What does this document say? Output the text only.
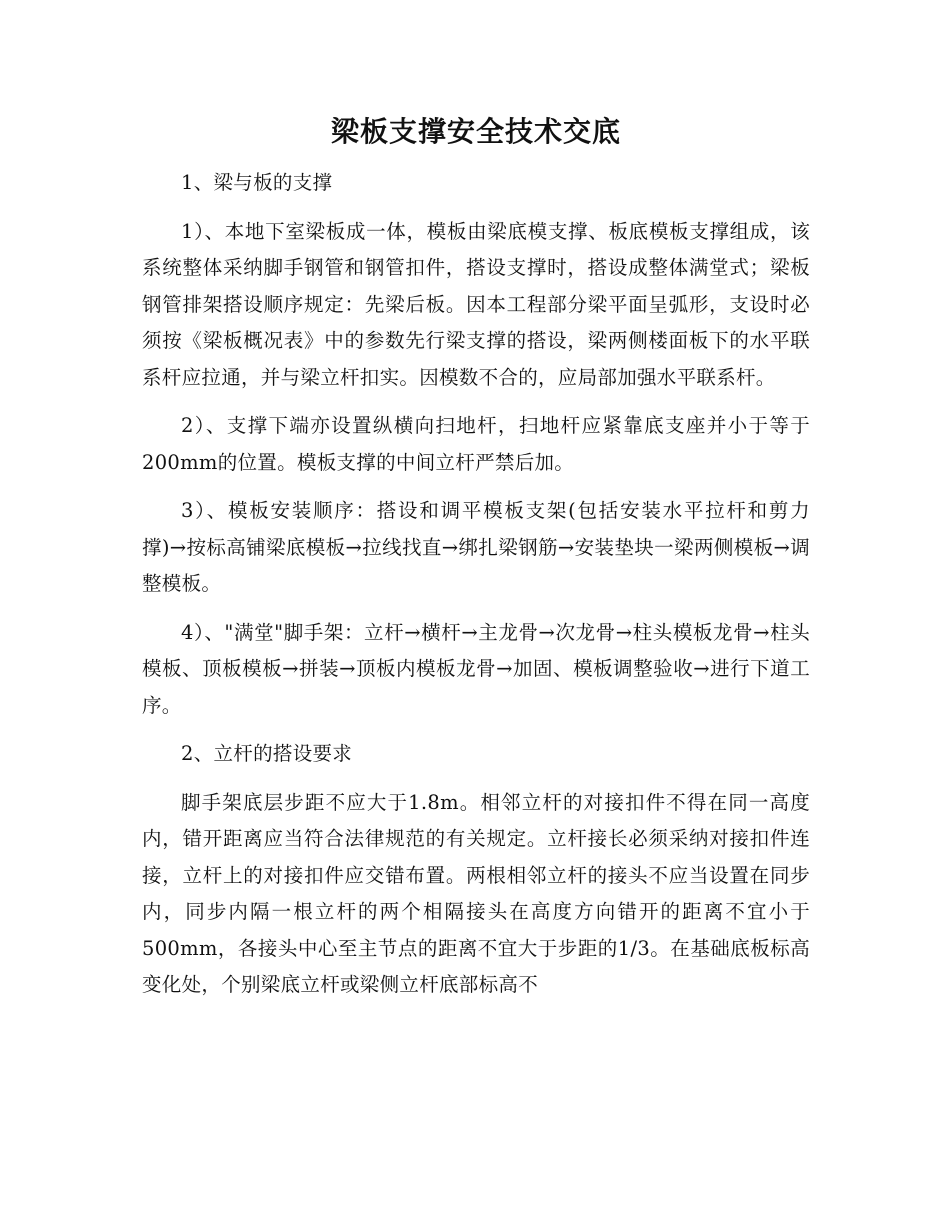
梁板支撑安全技术交底

1、梁与板的支撑

1）、本地下室梁板成一体，模板由梁底模支撑、板底模板支撑组成，该系统整体采纳脚手钢管和钢管扣件，搭设支撑时，搭设成整体满堂式；梁板钢管排架搭设顺序规定：先梁后板。因本工程部分梁平面呈弧形，支设时必须按《梁板概况表》中的参数先行梁支撑的搭设，梁两侧楼面板下的水平联系杆应拉通，并与梁立杆扣实。因模数不合的，应局部加强水平联系杆。

2）、支撑下端亦设置纵横向扫地杆，扫地杆应紧靠底支座并小于等于200mm的位置。模板支撑的中间立杆严禁后加。

3）、模板安装顺序：搭设和调平模板支架(包括安装水平拉杆和剪力撑)→按标高铺梁底模板→拉线找直→绑扎梁钢筋→安装垫块一梁两侧模板→调整模板。

4）、"满堂"脚手架：立杆→横杆→主龙骨→次龙骨→柱头模板龙骨→柱头模板、顶板模板→拼装→顶板内模板龙骨→加固、模板调整验收→进行下道工序。

2、立杆的搭设要求

脚手架底层步距不应大于1.8m。相邻立杆的对接扣件不得在同一高度内，错开距离应当符合法律规范的有关规定。立杆接长必须采纳对接扣件连接，立杆上的对接扣件应交错布置。两根相邻立杆的接头不应当设置在同步内，同步内隔一根立杆的两个相隔接头在高度方向错开的距离不宜小于500mm，各接头中心至主节点的距离不宜大于步距的1/3。在基础底板标高变化处，个别梁底立杆或梁侧立杆底部标高不
